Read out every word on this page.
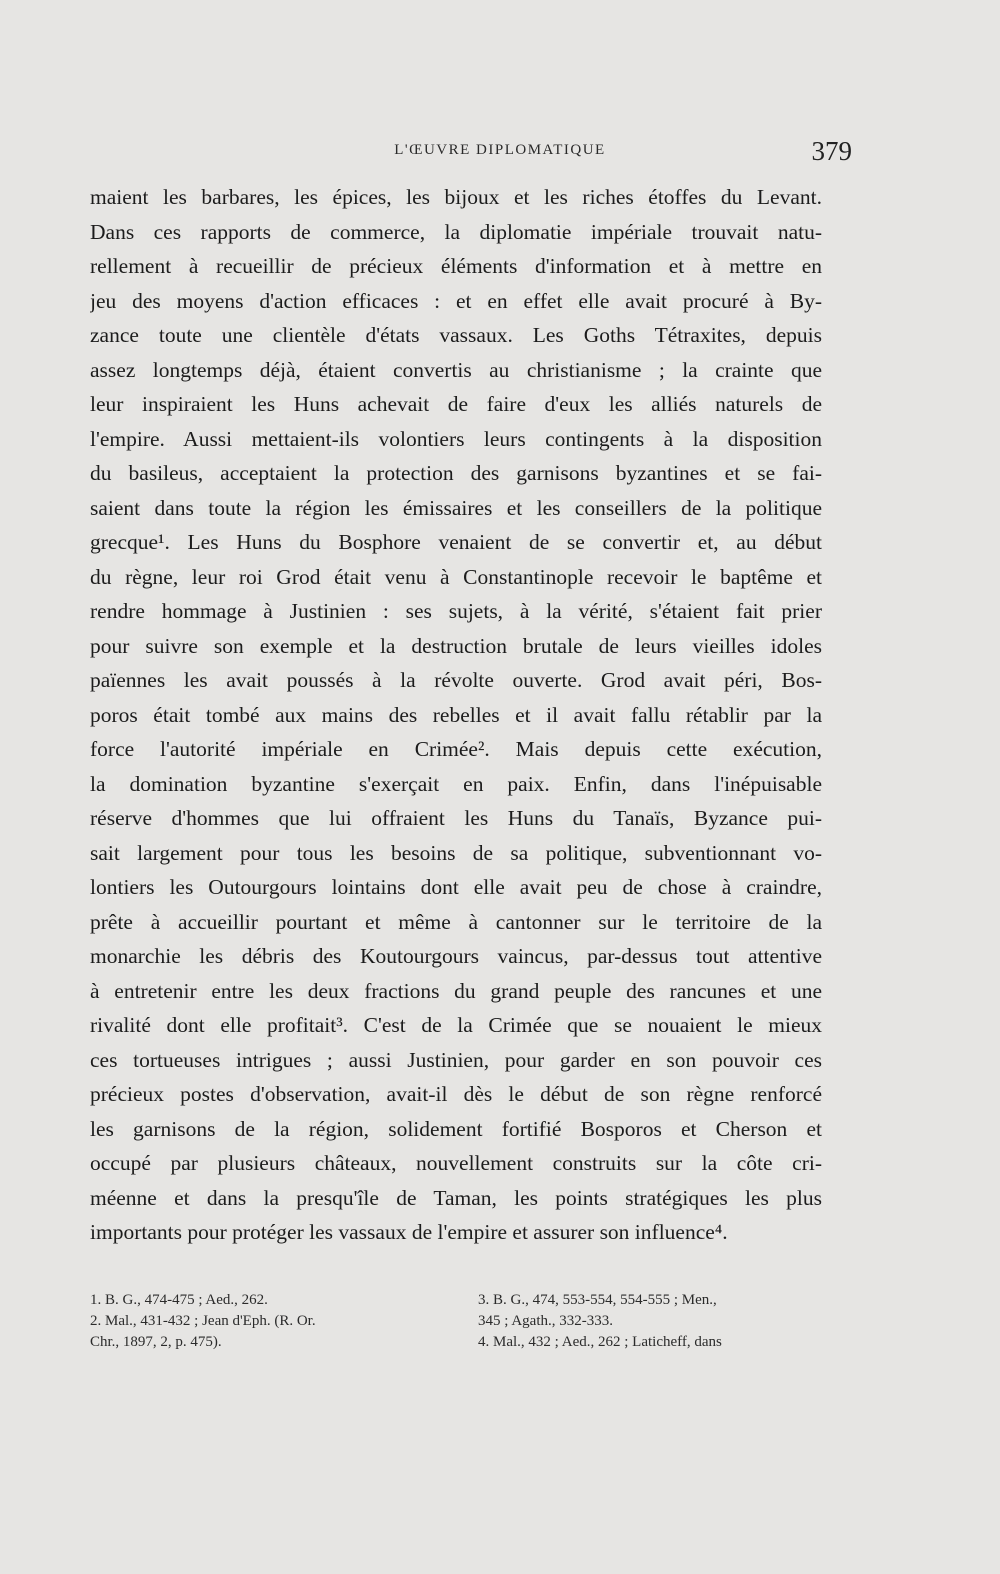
L'ŒUVRE DIPLOMATIQUE	379
maient les barbares, les épices, les bijoux et les riches étoffes du Levant.
Dans ces rapports de commerce, la diplomatie impériale trouvait natu-
rellement à recueillir de précieux éléments d'information et à mettre en
jeu des moyens d'action efficaces : et en effet elle avait procuré à By-
zance toute une clientèle d'états vassaux. Les Goths Tétraxites, depuis
assez longtemps déjà, étaient convertis au christianisme ; la crainte que
leur inspiraient les Huns achevait de faire d'eux les alliés naturels de
l'empire. Aussi mettaient-ils volontiers leurs contingents à la disposition
du basileus, acceptaient la protection des garnisons byzantines et se fai-
saient dans toute la région les émissaires et les conseillers de la politique
grecque¹. Les Huns du Bosphore venaient de se convertir et, au début
du règne, leur roi Grod était venu à Constantinople recevoir le baptême et
rendre hommage à Justinien : ses sujets, à la vérité, s'étaient fait prier
pour suivre son exemple et la destruction brutale de leurs vieilles idoles
païennes les avait poussés à la révolte ouverte. Grod avait péri, Bos-
poros était tombé aux mains des rebelles et il avait fallu rétablir par la
force l'autorité impériale en Crimée². Mais depuis cette exécution,
la domination byzantine s'exerçait en paix. Enfin, dans l'inépuisable
réserve d'hommes que lui offraient les Huns du Tanaïs, Byzance pui-
sait largement pour tous les besoins de sa politique, subventionnant vo-
lontiers les Outourgours lointains dont elle avait peu de chose à craindre,
prête à accueillir pourtant et même à cantonner sur le territoire de la
monarchie les débris des Koutourgours vaincus, par-dessus tout attentive
à entretenir entre les deux fractions du grand peuple des rancunes et une
rivalité dont elle profitait³. C'est de la Crimée que se nouaient le mieux
ces tortueuses intrigues ; aussi Justinien, pour garder en son pouvoir ces
précieux postes d'observation, avait-il dès le début de son règne renforcé
les garnisons de la région, solidement fortifié Bosporos et Cherson et
occupé par plusieurs châteaux, nouvellement construits sur la côte cri-
méenne et dans la presqu'île de Taman, les points stratégiques les plus
importants pour protéger les vassaux de l'empire et assurer son influence⁴.
1. B. G., 474-475 ; Aed., 262.
2. Mal., 431-432 ; Jean d'Eph. (R. Or.
Chr., 1897, 2, p. 475).
3. B. G., 474, 553-554, 554-555 ; Men.,
345 ; Agath., 332-333.
4. Mal., 432 ; Aed., 262 ; Laticheff, dans
